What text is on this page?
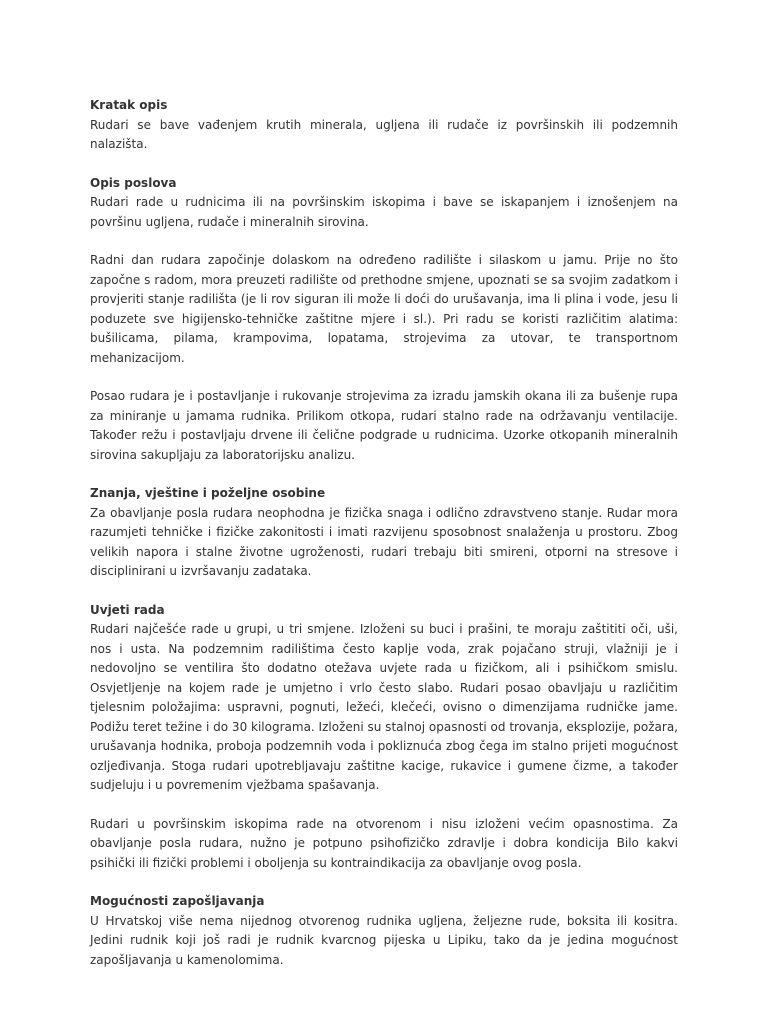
Kratak opis

Rudari se bave vađenjem krutih minerala, ugljena ili rudače iz površinskih ili podzemnih nalazišta.

Opis poslova

Rudari rade u rudnicima ili na površinskim iskopima i bave se iskapanjem i iznošenjem na površinu ugljena, rudače i mineralnih sirovina.

Radni dan rudara započinje dolaskom na određeno radilište i silaskom u jamu. Prije no što započne s radom, mora preuzeti radilište od prethodne smjene, upoznati se sa svojim zadatkom i provjeriti stanje radilišta (je li rov siguran ili može li doći do urušavanja, ima li plina i vode, jesu li poduzete sve higijensko-tehničke zaštitne mjere i sl.). Pri radu se koristi različitim alatima: bušilicama, pilama, krampovima, lopatama, strojevima za utovar, te transportnom mehanizacijom.

Posao rudara je i postavljanje i rukovanje strojevima za izradu jamskih okana ili za bušenje rupa za miniranje u jamama rudnika. Prilikom otkopa, rudari stalno rade na održavanju ventilacije. Također režu i postavljaju drvene ili čelične podgrade u rudnicima. Uzorke otkopanih mineralnih sirovina sakupljaju za laboratorijsku analizu.

Znanja, vještine i poželjne osobine

Za obavljanje posla rudara neophodna je fizička snaga i odlično zdravstveno stanje. Rudar mora razumjeti tehničke i fizičke zakonitosti i imati razvijenu sposobnost snalaženja u prostoru. Zbog velikih napora i stalne životne ugroženosti, rudari trebaju biti smireni, otporni na stresove i disciplinirani u izvršavanju zadataka.

Uvjeti rada

Rudari najčešće rade u grupi, u tri smjene. Izloženi su buci i prašini, te moraju zaštititi oči, uši, nos i usta. Na podzemnim radilištima često kaplje voda, zrak pojačano struji, vlažniji je i nedovoljno se ventilira što dodatno otežava uvjete rada u fizičkom, ali i psihičkom smislu. Osvjetljenje na kojem rade je umjetno i vrlo često slabo. Rudari posao obavljaju u različitim tjelesnim položajima: uspravni, pognuti, ležeći, klečeći, ovisno o dimenzijama rudničke jame. Podižu teret težine i do 30 kilograma. Izloženi su stalnoj opasnosti od trovanja, eksplozije, požara, urušavanja hodnika, proboja podzemnih voda i pokliznuća zbog čega im stalno prijeti mogućnost ozljeđivanja. Stoga rudari upotrebljavaju zaštitne kacige, rukavice i gumene čizme, a također sudjeluju i u povremenim vježbama spašavanja.

Rudari u površinskim iskopima rade na otvorenom i nisu izloženi većim opasnostima. Za obavljanje posla rudara, nužno je potpuno psihofizičko zdravlje i dobra kondicija Bilo kakvi psihički ili fizički problemi i oboljenja su kontraindikacija za obavljanje ovog posla.

Mogućnosti zapošljavanja

U Hrvatskoj više nema nijednog otvorenog rudnika ugljena, željezne rude, boksita ili kositra. Jedini rudnik koji još radi je rudnik kvarcnog pijeska u Lipiku, tako da je jedina mogućnost zapošljavanja u kamenolomima.
